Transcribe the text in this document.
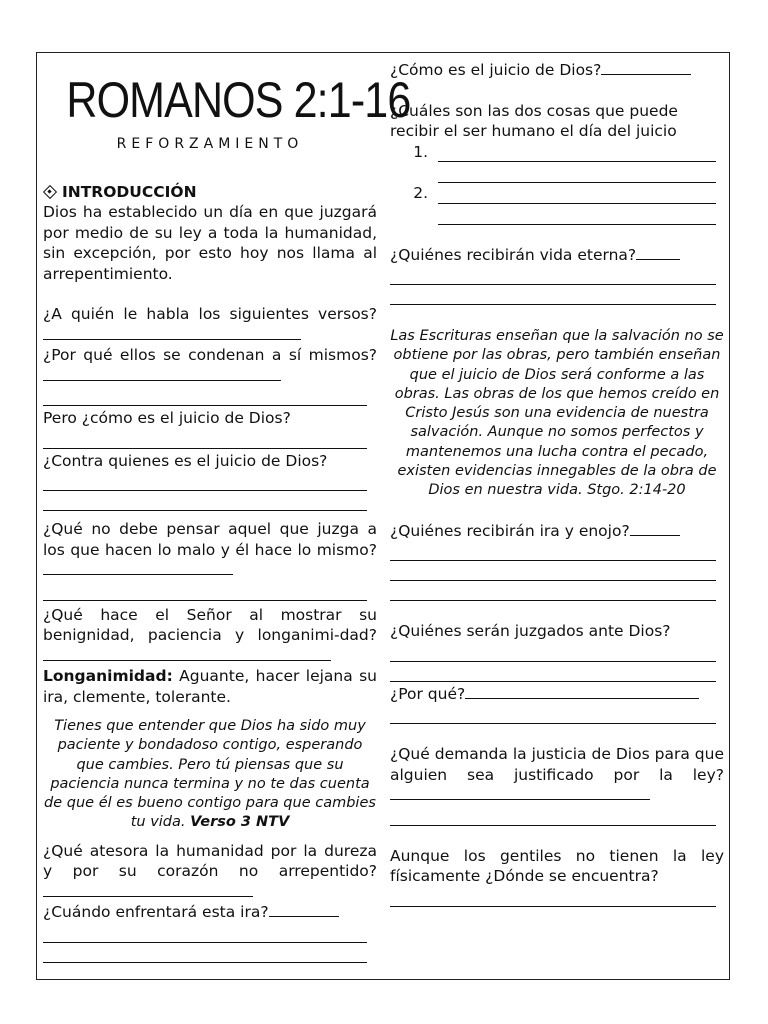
ROMANOS 2:1-16
REFORZAMIENTO
INTRODUCCIÓN
Dios ha establecido un día en que juzgará por medio de su ley a toda la humanidad, sin excepción, por esto hoy nos llama al arrepentimiento.
¿A quién le habla los siguientes versos?
¿Por qué ellos se condenan a sí mismos?
Pero ¿cómo es el juicio de Dios?
¿Contra quienes es el juicio de Dios?
¿Qué no debe pensar aquel que juzga a los que hacen lo malo y él hace lo mismo?
¿Qué hace el Señor al mostrar su benignidad, paciencia y longanimi-dad?
Longanimidad: Aguante, hacer lejana su ira, clemente, tolerante.
Tienes que entender que Dios ha sido muy paciente y bondadoso contigo, esperando que cambies. Pero tú piensas que su paciencia nunca termina y no te das cuenta de que él es bueno contigo para que cambies tu vida. Verso 3 NTV
¿Qué atesora la humanidad por la dureza y por su corazón no arrepentido?
¿Cuándo enfrentará esta ira?
¿Cómo es el juicio de Dios?
¿Cuáles son las dos cosas que puede recibir el ser humano el día del juicio
1.
2.
¿Quiénes recibirán vida eterna?
Las Escrituras enseñan que la salvación no se obtiene por las obras, pero también enseñan que el juicio de Dios será conforme a las obras. Las obras de los que hemos creído en Cristo Jesús son una evidencia de nuestra salvación. Aunque no somos perfectos y mantenemos una lucha contra el pecado, existen evidencias innegables de la obra de Dios en nuestra vida. Stgo. 2:14-20
¿Quiénes recibirán ira y enojo?
¿Quiénes serán juzgados ante Dios?
¿Por qué?
¿Qué demanda la justicia de Dios para que alguien sea justificado por la ley?
Aunque los gentiles no tienen la ley físicamente ¿Dónde se encuentra?
